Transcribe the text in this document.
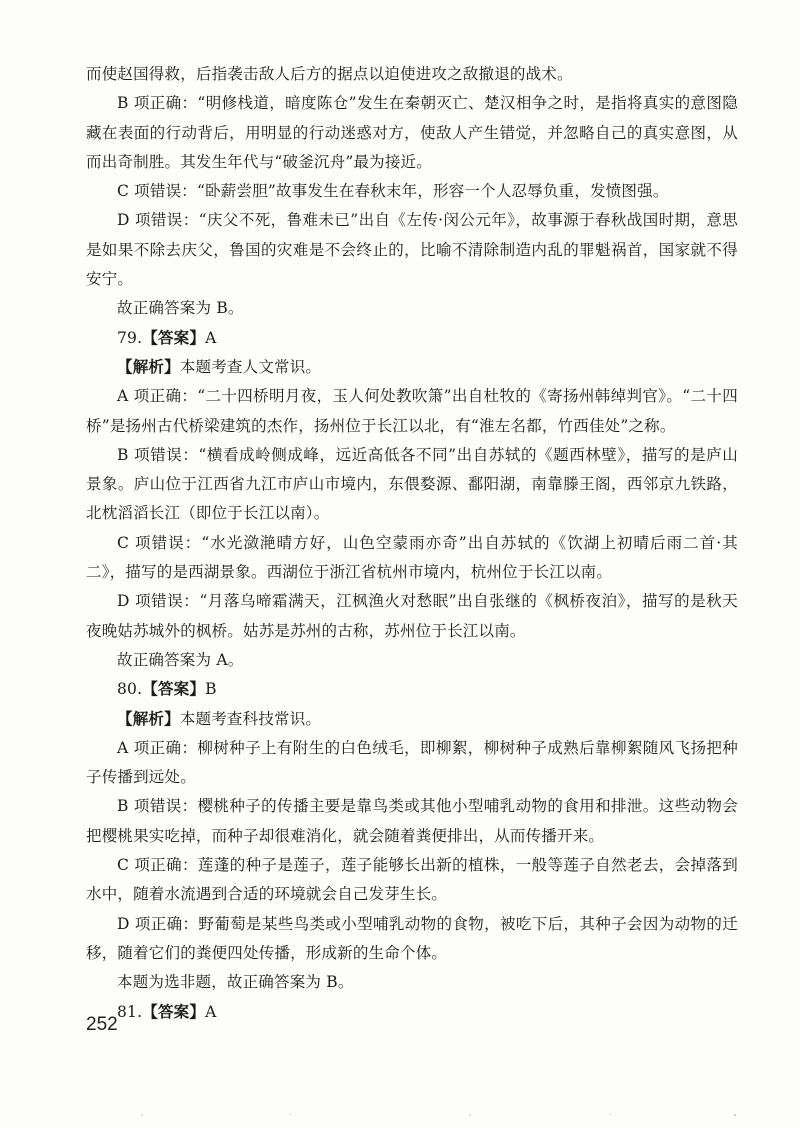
而使赵国得救，后指袭击敌人后方的据点以迫使进攻之敌撤退的战术。

B 项正确：“明修栈道，暗度陈仓”发生在秦朝灭亡、楚汉相争之时，是指将真实的意图隐藏在表面的行动背后，用明显的行动迷惑对方，使敌人产生错觉，并忽略自己的真实意图，从而出奇制胜。其发生年代与“破釜沉舟”最为接近。

C 项错误：“卧薪尝胆”故事发生在春秋末年，形容一个人忍辱负重，发愤图强。

D 项错误：“庆父不死，鲁难未已”出自《左传·闵公元年》，故事源于春秋战国时期，意思是如果不除去庆父，鲁国的灾难是不会终止的，比喻不清除制造内乱的罪魁祸首，国家就不得安宁。

故正确答案为 B。

79.【答案】A

【解析】本题考查人文常识。

A 项正确：“二十四桥明月夜，玉人何处教吹箫”出自杜牧的《寄扬州韩绰判官》。“二十四桥”是扬州古代桥梁建筑的杰作，扬州位于长江以北，有“淮左名都，竹西佳处”之称。

B 项错误：“横看成岭侧成峰，远近高低各不同”出自苏轼的《题西林壁》，描写的是庐山景象。庐山位于江西省九江市庐山市境内，东偎婺源、鄱阳湖，南靠滕王阁，西邻京九铁路，北枕滔滔长江（即位于长江以南）。

C 项错误：“水光潋滟晴方好，山色空蒙雨亦奇”出自苏轼的《饮湖上初晴后雨二首·其二》，描写的是西湖景象。西湖位于浙江省杭州市境内，杭州位于长江以南。

D 项错误：“月落乌啼霜满天，江枫渔火对愁眠”出自张继的《枫桥夜泊》，描写的是秋天夜晚姑苏城外的枫桥。姑苏是苏州的古称，苏州位于长江以南。

故正确答案为 A。

80.【答案】B

【解析】本题考查科技常识。

A 项正确：柳树种子上有附生的白色绒毛，即柳絮，柳树种子成熟后靠柳絮随风飞扬把种子传播到远处。

B 项错误：樱桃种子的传播主要是靠鸟类或其他小型哺乳动物的食用和排泄。这些动物会把樱桃果实吃掉，而种子却很难消化，就会随着粪便排出，从而传播开来。

C 项正确：莲蓬的种子是莲子，莲子能够长出新的植株，一般等莲子自然老去，会掉落到水中，随着水流遇到合适的环境就会自己发芽生长。

D 项正确：野葡萄是某些鸟类或小型哺乳动物的食物，被吃下后，其种子会因为动物的迁移，随着它们的粪便四处传播，形成新的生命个体。

本题为选非题，故正确答案为 B。

81.【答案】A

252
